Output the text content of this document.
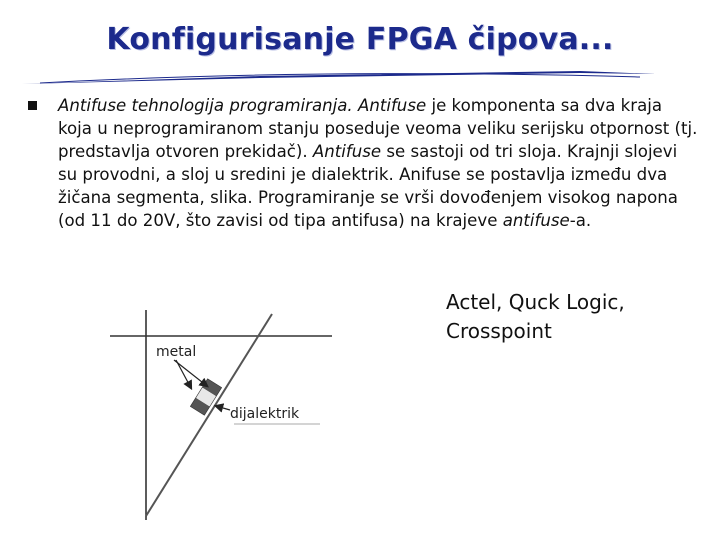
Konfigurisanje FPGA čipova...
Antifuse tehnologija programiranja. Antifuse je komponenta sa dva kraja koja u neprogramiranom stanju poseduje veoma veliku serijsku otpornost (tj. predstavlja otvoren prekidač). Antifuse se sastoji od tri sloja. Krajnji slojevi su provodni, a sloj u sredini je dialektrik. Anifuse se postavlja između dva žičana segmenta, slika. Programiranje se vrši dovođenjem visokog napona (od 11 do 20V, što zavisi od tipa antifusa) na krajeve antifuse-a.
Actel, Quck Logic, Crosspoint
metal
dijalektrik
